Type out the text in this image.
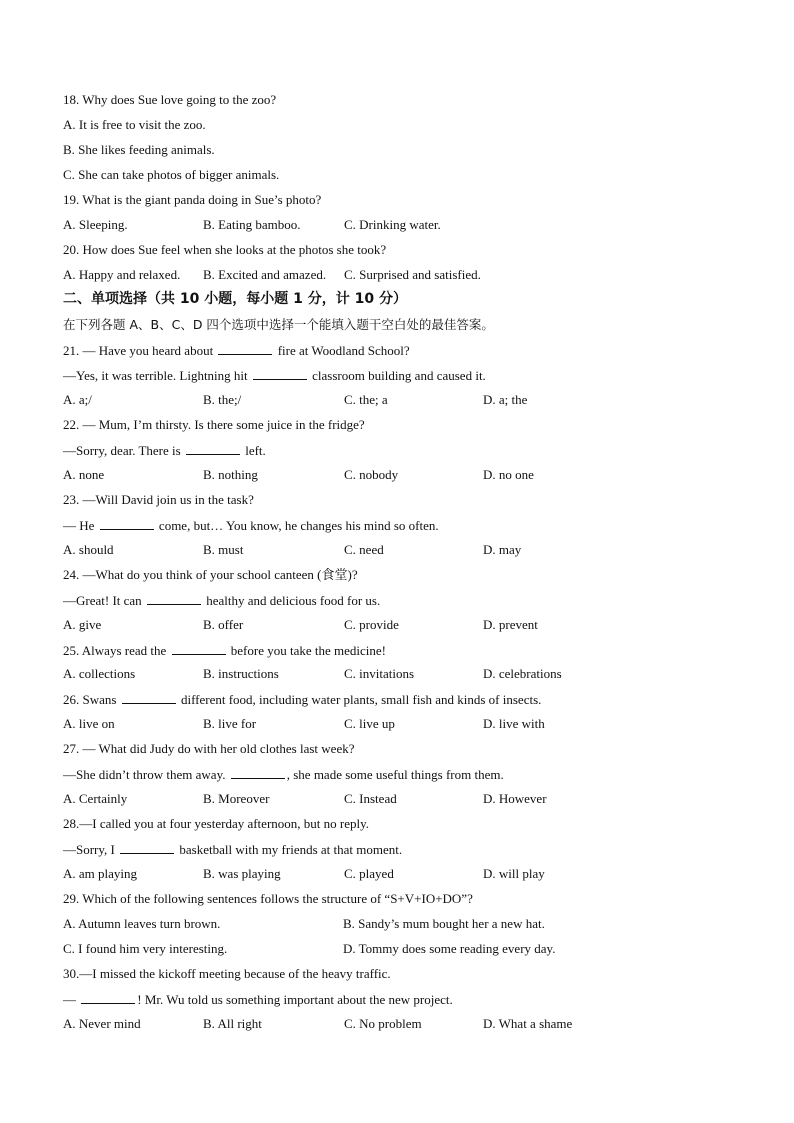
18. Why does Sue love going to the zoo?
A. It is free to visit the zoo.
B. She likes feeding animals.
C. She can take photos of bigger animals.
19. What is the giant panda doing in Sue’s photo?
A. Sleeping.	B. Eating bamboo.	C. Drinking water.
20. How does Sue feel when she looks at the photos she took?
A. Happy and relaxed. B. Excited and amazed. C. Surprised and satisfied.
二、单项选择（共 10 小题，每小题 1 分，计 10 分）
在下列各题 A、B、C、D 四个选项中选择一个能填入题干空白处的最佳答案。
21. — Have you heard about	fire at Woodland School?
—Yes, it was terrible. Lightning hit	classroom building and caused it.
A. a;/	B. the;/	C. the; a	D. a; the
22. — Mum, I’m thirsty. Is there some juice in the fridge?
—Sorry, dear. There is	left.
A. none	B. nothing	C. nobody	D. no one
23. —Will David join us in the task?
— He	come, but… You know, he changes his mind so often.
A. should	B. must	C. need	D. may
24. —What do you think of your school canteen (食堂)?
—Great! It can	healthy and delicious food for us.
A. give	B. offer	C. provide	D. prevent
25. Always read the	before you take the medicine!
A. collections	B. instructions	C. invitations	D. celebrations
26. Swans	different food, including water plants, small fish and kinds of insects.
A. live on	B. live for	C. live up	D. live with
27. — What did Judy do with her old clothes last week?
—She didn’t throw them away.	, she made some useful things from them.
A. Certainly	B. Moreover	C. Instead	D. However
28.—I called you at four yesterday afternoon, but no reply.
—Sorry, I	basketball with my friends at that moment.
A. am playing	B. was playing	C. played	D. will play
29. Which of the following sentences follows the structure of “S+V+IO+DO”?
A. Autumn leaves turn brown.	B. Sandy’s mum bought her a new hat.
C. I found him very interesting.	D. Tommy does some reading every day.
30.—I missed the kickoff meeting because of the heavy traffic.
—	! Mr. Wu told us something important about the new project.
A. Never mind	B. All right	C. No problem	D. What a shame
